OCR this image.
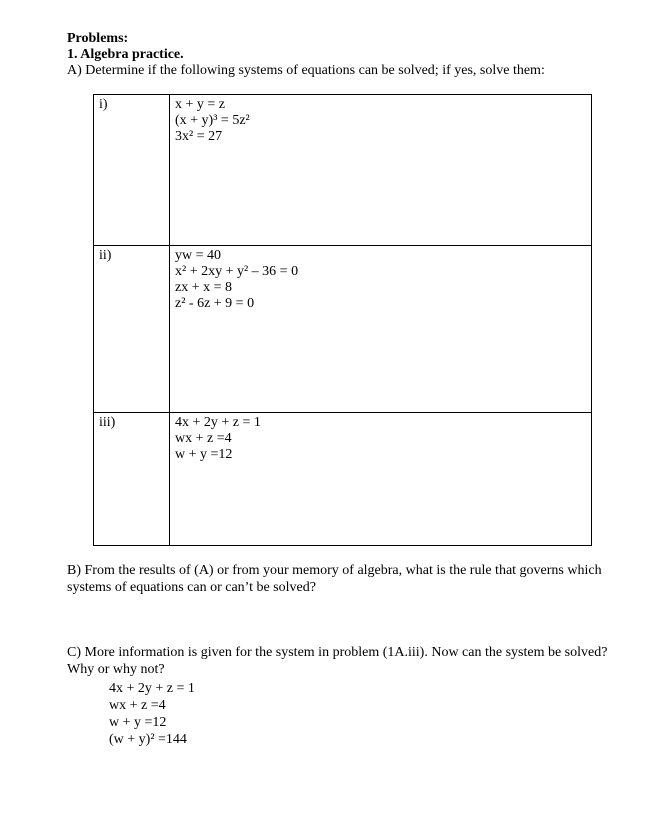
Problems:
1. Algebra practice.
A) Determine if the following systems of equations can be solved; if yes, solve them:
i)	x + y = z
(x + y)³ = 5z²
3x² = 27

ii)	yw = 40
x² + 2xy + y² – 36 = 0
zx + x = 8
z² - 6z + 9 = 0

iii)	4x + 2y + z = 1
wx + z =4
w + y =12
B) From the results of (A) or from your memory of algebra, what is the rule that governs which systems of equations can or can’t be solved?
C) More information is given for the system in problem (1A.iii). Now can the system be solved? Why or why not?
4x + 2y + z = 1
wx + z =4
w + y =12
(w + y)² =144
